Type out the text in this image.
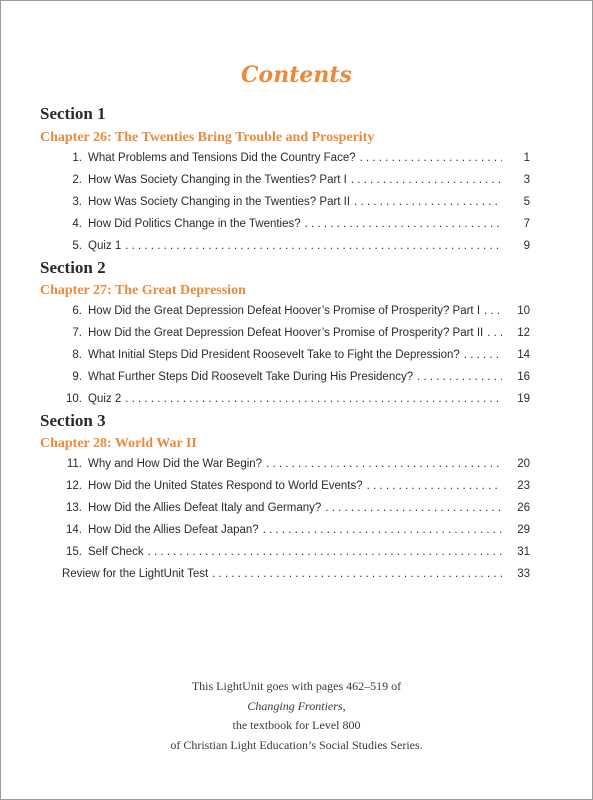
Contents
Section 1
Chapter 26: The Twenties Bring Trouble and Prosperity
1. What Problems and Tensions Did the Country Face? . . .	1
2. How Was Society Changing in the Twenties? Part I . . .	3
3. How Was Society Changing in the Twenties? Part II . . .	5
4. How Did Politics Change in the Twenties? . . .	7
5. Quiz 1 . . .	9
Section 2
Chapter 27: The Great Depression
6. How Did the Great Depression Defeat Hoover’s Promise of Prosperity? Part I . . .	10
7. How Did the Great Depression Defeat Hoover’s Promise of Prosperity? Part II . . .	12
8. What Initial Steps Did President Roosevelt Take to Fight the Depression? . . .	14
9. What Further Steps Did Roosevelt Take During His Presidency? . . .	16
10. Quiz 2 . . .	19
Section 3
Chapter 28: World War II
11. Why and How Did the War Begin? . . .	20
12. How Did the United States Respond to World Events? . . .	23
13. How Did the Allies Defeat Italy and Germany? . . .	26
14. How Did the Allies Defeat Japan? . . .	29
15. Self Check . . .	31
Review for the LightUnit Test . . .	33
This LightUnit goes with pages 462–519 of
Changing Frontiers,
the textbook for Level 800
of Christian Light Education’s Social Studies Series.
